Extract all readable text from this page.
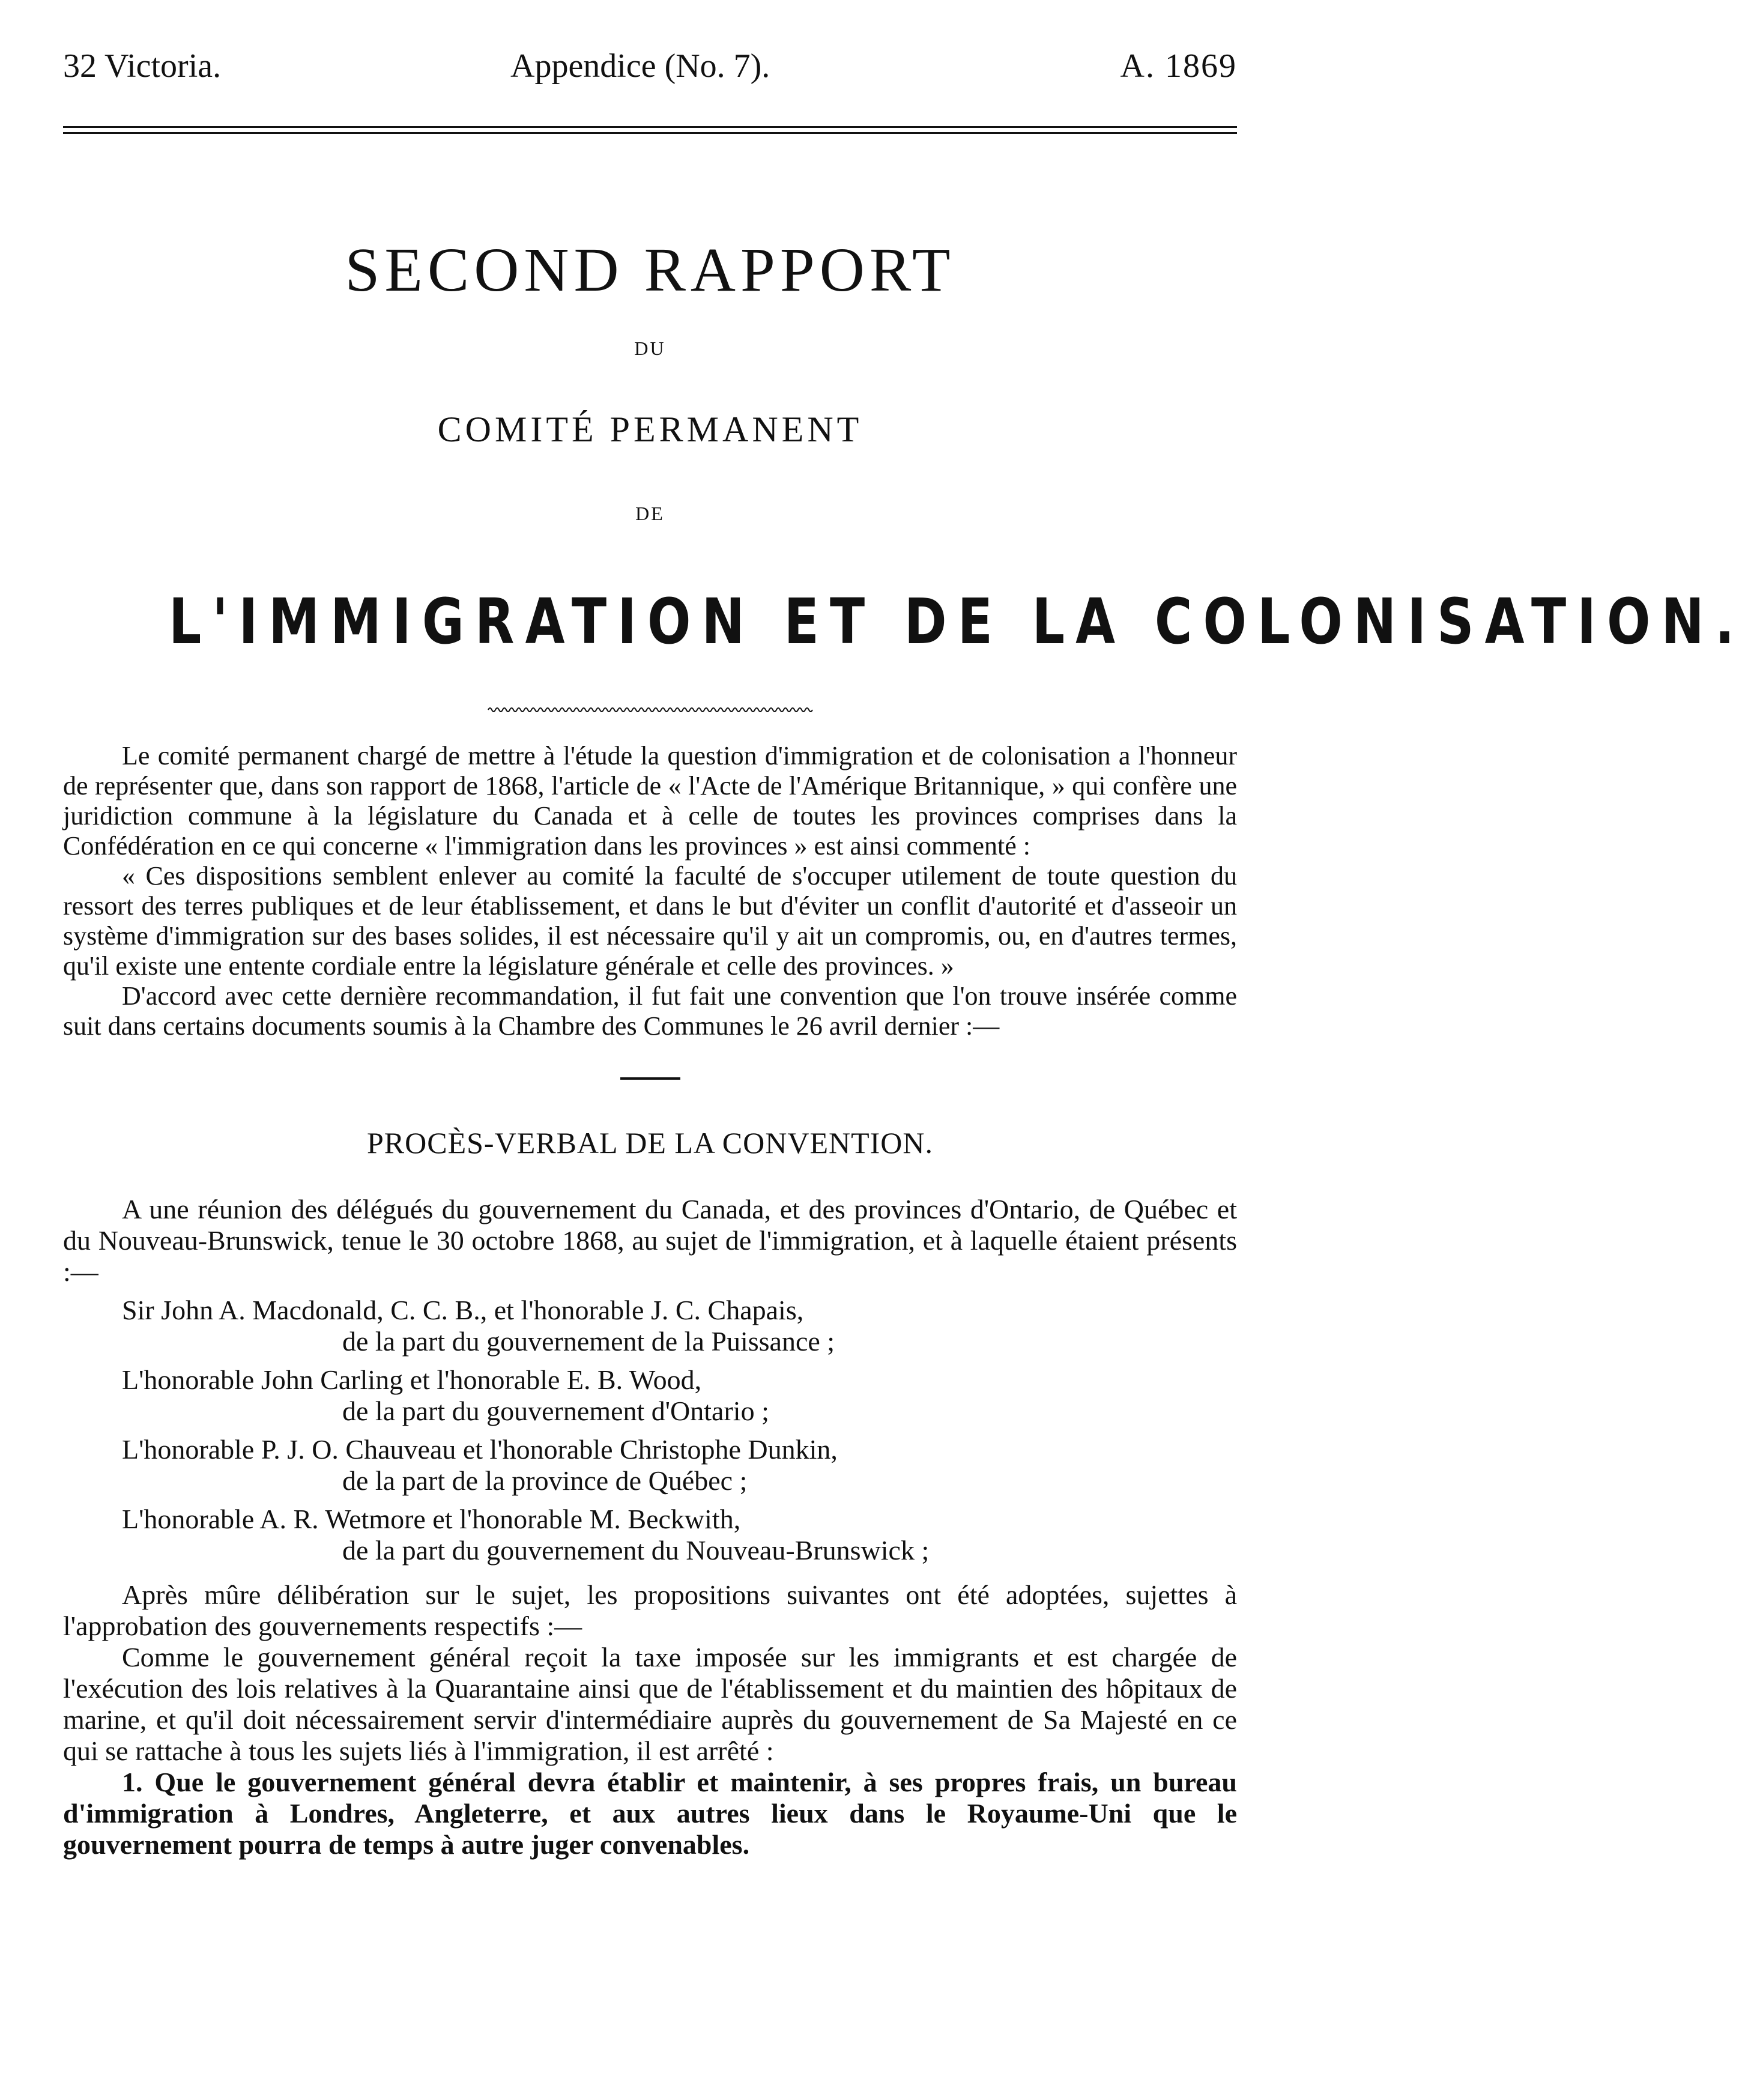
32 Victoria.	Appendice (No. 7).	A. 1869
SECOND RAPPORT
DU
COMITÉ PERMANENT
DE
L'IMMIGRATION ET DE LA COLONISATION.

Le comité permanent chargé de mettre à l'étude la question d'immigration et de colonisation a l'honneur de représenter que, dans son rapport de 1868, l'article de « l'Acte de l'Amérique Britannique, » qui confère une juridiction commune à la législature du Canada et à celle de toutes les provinces comprises dans la Confédération en ce qui concerne « l'immigration dans les provinces » est ainsi commenté :

« Ces dispositions semblent enlever au comité la faculté de s'occuper utilement de toute question du ressort des terres publiques et de leur établissement, et dans le but d'éviter un conflit d'autorité et d'asseoir un système d'immigration sur des bases solides, il est nécessaire qu'il y ait un compromis, ou, en d'autres termes, qu'il existe une entente cordiale entre la législature générale et celle des provinces. »

D'accord avec cette dernière recommandation, il fut fait une convention que l'on trouve insérée comme suit dans certains documents soumis à la Chambre des Communes le 26 avril dernier :—

PROCÈS-VERBAL DE LA CONVENTION.

A une réunion des délégués du gouvernement du Canada, et des provinces d'Ontario, de Québec et du Nouveau-Brunswick, tenue le 30 octobre 1868, au sujet de l'immigration, et à laquelle étaient présents :—

Sir John A. Macdonald, C. C. B., et l'honorable J. C. Chapais,
de la part du gouvernement de la Puissance ;
L'honorable John Carling et l'honorable E. B. Wood,
de la part du gouvernement d'Ontario ;
L'honorable P. J. O. Chauveau et l'honorable Christophe Dunkin,
de la part de la province de Québec ;
L'honorable A. R. Wetmore et l'honorable M. Beckwith,
de la part du gouvernement du Nouveau-Brunswick ;

Après mûre délibération sur le sujet, les propositions suivantes ont été adoptées, sujettes à l'approbation des gouvernements respectifs :—

Comme le gouvernement général reçoit la taxe imposée sur les immigrants et est chargée de l'exécution des lois relatives à la Quarantaine ainsi que de l'établissement et du maintien des hôpitaux de marine, et qu'il doit nécessairement servir d'intermédiaire auprès du gouvernement de Sa Majesté en ce qui se rattache à tous les sujets liés à l'immigration, il est arrêté :

1. Que le gouvernement général devra établir et maintenir, à ses propres frais, un bureau d'immigration à Londres, Angleterre, et aux autres lieux dans le Royaume-Uni que le gouvernement pourra de temps à autre juger convenables.
